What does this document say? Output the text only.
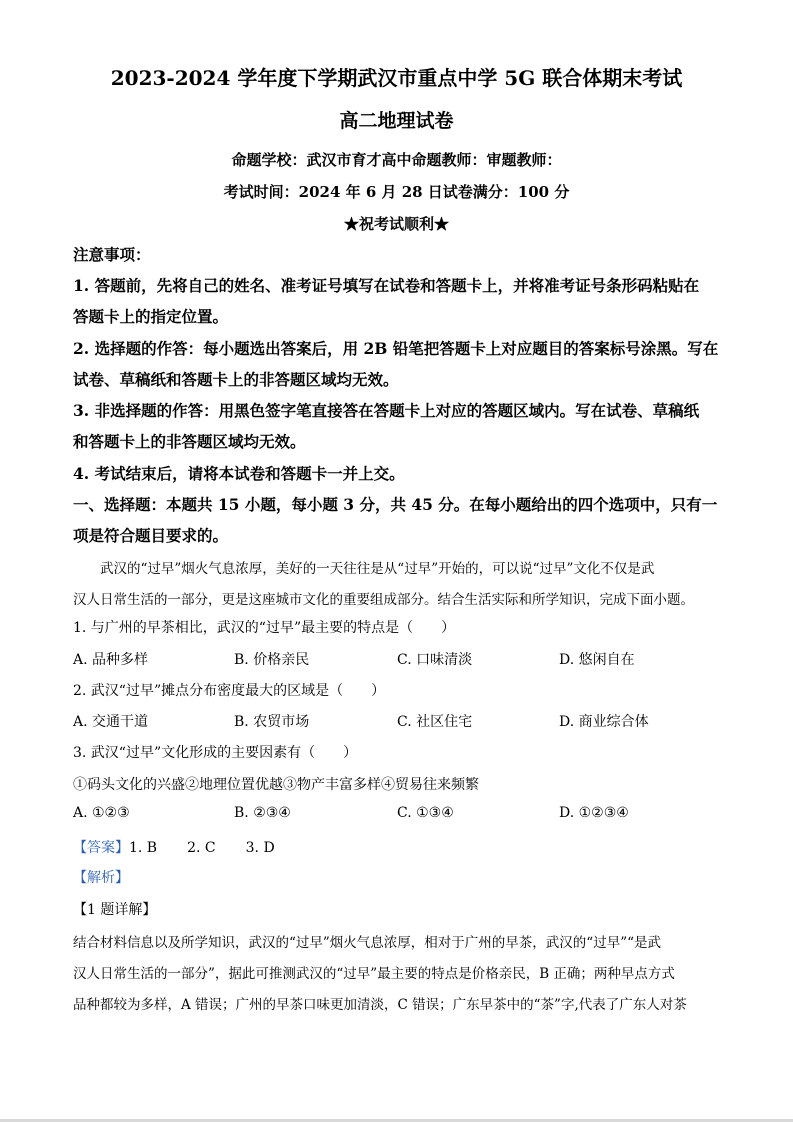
2023-2024 学年度下学期武汉市重点中学 5G 联合体期末考试
高二地理试卷
命题学校：武汉市育才高中命题教师：审题教师：
考试时间：2024 年 6 月 28 日试卷满分：100 分
★祝考试顺利★
注意事项：
1. 答题前，先将自己的姓名、准考证号填写在试卷和答题卡上，并将准考证号条形码粘贴在
答题卡上的指定位置。
2. 选择题的作答：每小题选出答案后，用 2B 铅笔把答题卡上对应题目的答案标号涂黑。写在
试卷、草稿纸和答题卡上的非答题区域均无效。
3. 非选择题的作答：用黑色签字笔直接答在答题卡上对应的答题区域内。写在试卷、草稿纸
和答题卡上的非答题区域均无效。
4. 考试结束后，请将本试卷和答题卡一并上交。
一、选择题：本题共 15 小题，每小题 3 分，共 45 分。在每小题给出的四个选项中，只有一
项是符合题目要求的。
武汉的“过早”烟火气息浓厚，美好的一天往往是从“过早”开始的，可以说“过早”文化不仅是武
汉人日常生活的一部分，更是这座城市文化的重要组成部分。结合生活实际和所学知识，完成下面小题。
1. 与广州的早茶相比，武汉的“过早”最主要的特点是（　　）
A. 品种多样	B. 价格亲民	C. 口味清淡	D. 悠闲自在
2. 武汉“过早”摊点分布密度最大的区域是（　　）
A. 交通干道	B. 农贸市场	C. 社区住宅	D. 商业综合体
3. 武汉“过早”文化形成的主要因素有（　　）
①码头文化的兴盛②地理位置优越③物产丰富多样④贸易往来频繁
A. ①②③	B. ②③④	C. ①③④	D. ①②③④
【答案】1. B 2. C 3. D
【解析】
【1 题详解】
结合材料信息以及所学知识，武汉的“过早”烟火气息浓厚，相对于广州的早茶，武汉的“过早”“是武
汉人日常生活的一部分”，据此可推测武汉的“过早”最主要的特点是价格亲民，B 正确；两种早点方式
品种都较为多样，A 错误；广州的早茶口味更加清淡，C 错误；广东早茶中的“茶”字,代表了广东人对茶
